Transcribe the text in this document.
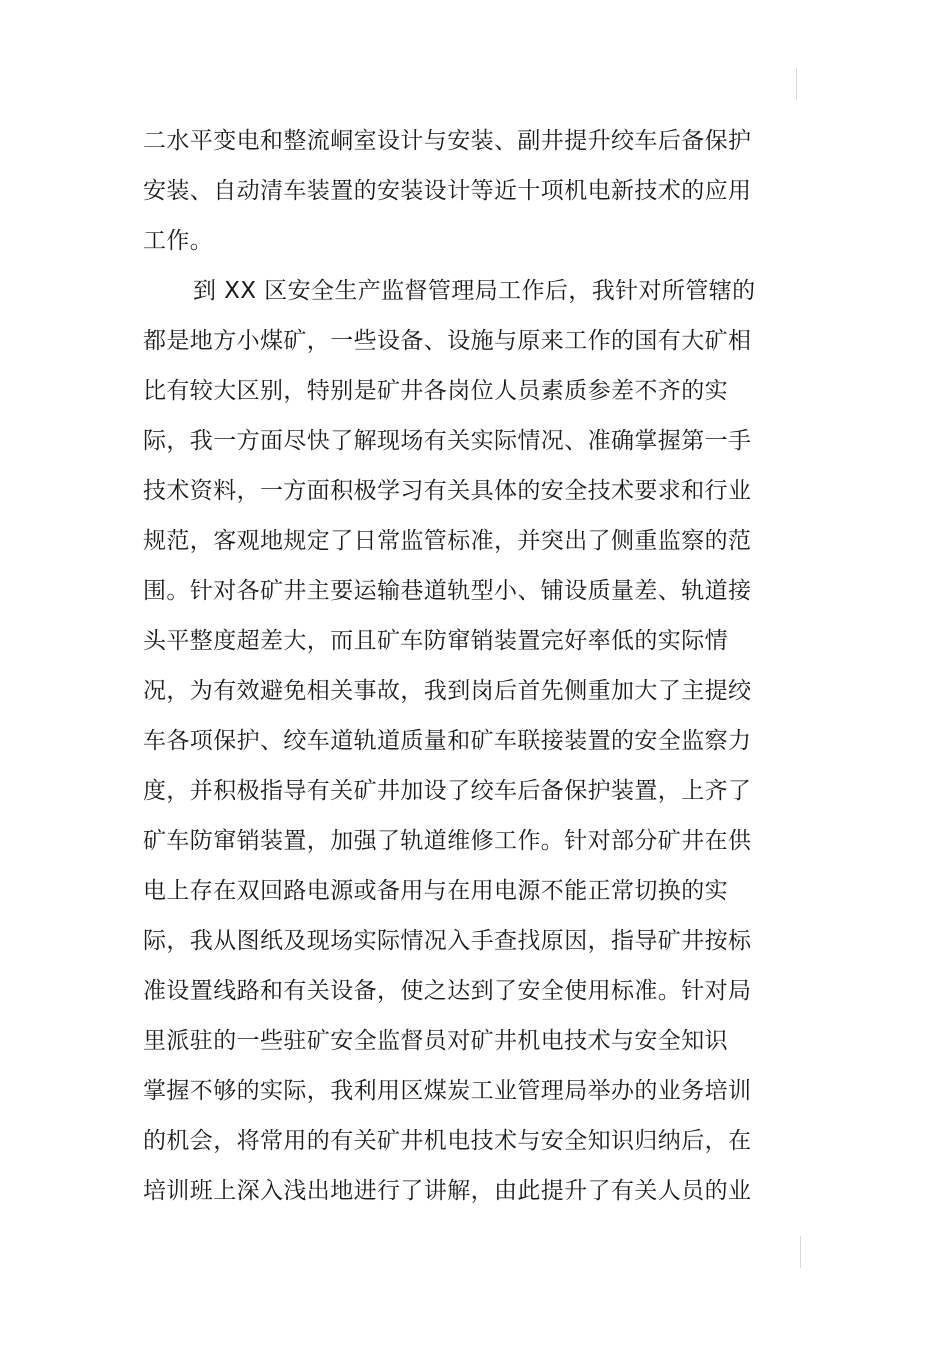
二水平变电和整流峒室设计与安装、副井提升绞车后备保护
安装、自动清车装置的安装设计等近十项机电新技术的应用
工作。
到 XX 区安全生产监督管理局工作后，我针对所管辖的
都是地方小煤矿，一些设备、设施与原来工作的国有大矿相
比有较大区别，特别是矿井各岗位人员素质参差不齐的实
际，我一方面尽快了解现场有关实际情况、准确掌握第一手
技术资料，一方面积极学习有关具体的安全技术要求和行业
规范，客观地规定了日常监管标准，并突出了侧重监察的范
围。针对各矿井主要运输巷道轨型小、铺设质量差、轨道接
头平整度超差大，而且矿车防窜销装置完好率低的实际情
况，为有效避免相关事故，我到岗后首先侧重加大了主提绞
车各项保护、绞车道轨道质量和矿车联接装置的安全监察力
度，并积极指导有关矿井加设了绞车后备保护装置，上齐了
矿车防窜销装置，加强了轨道维修工作。针对部分矿井在供
电上存在双回路电源或备用与在用电源不能正常切换的实
际，我从图纸及现场实际情况入手查找原因，指导矿井按标
准设置线路和有关设备，使之达到了安全使用标准。针对局
里派驻的一些驻矿安全监督员对矿井机电技术与安全知识
掌握不够的实际，我利用区煤炭工业管理局举办的业务培训
的机会，将常用的有关矿井机电技术与安全知识归纳后，在
培训班上深入浅出地进行了讲解，由此提升了有关人员的业
